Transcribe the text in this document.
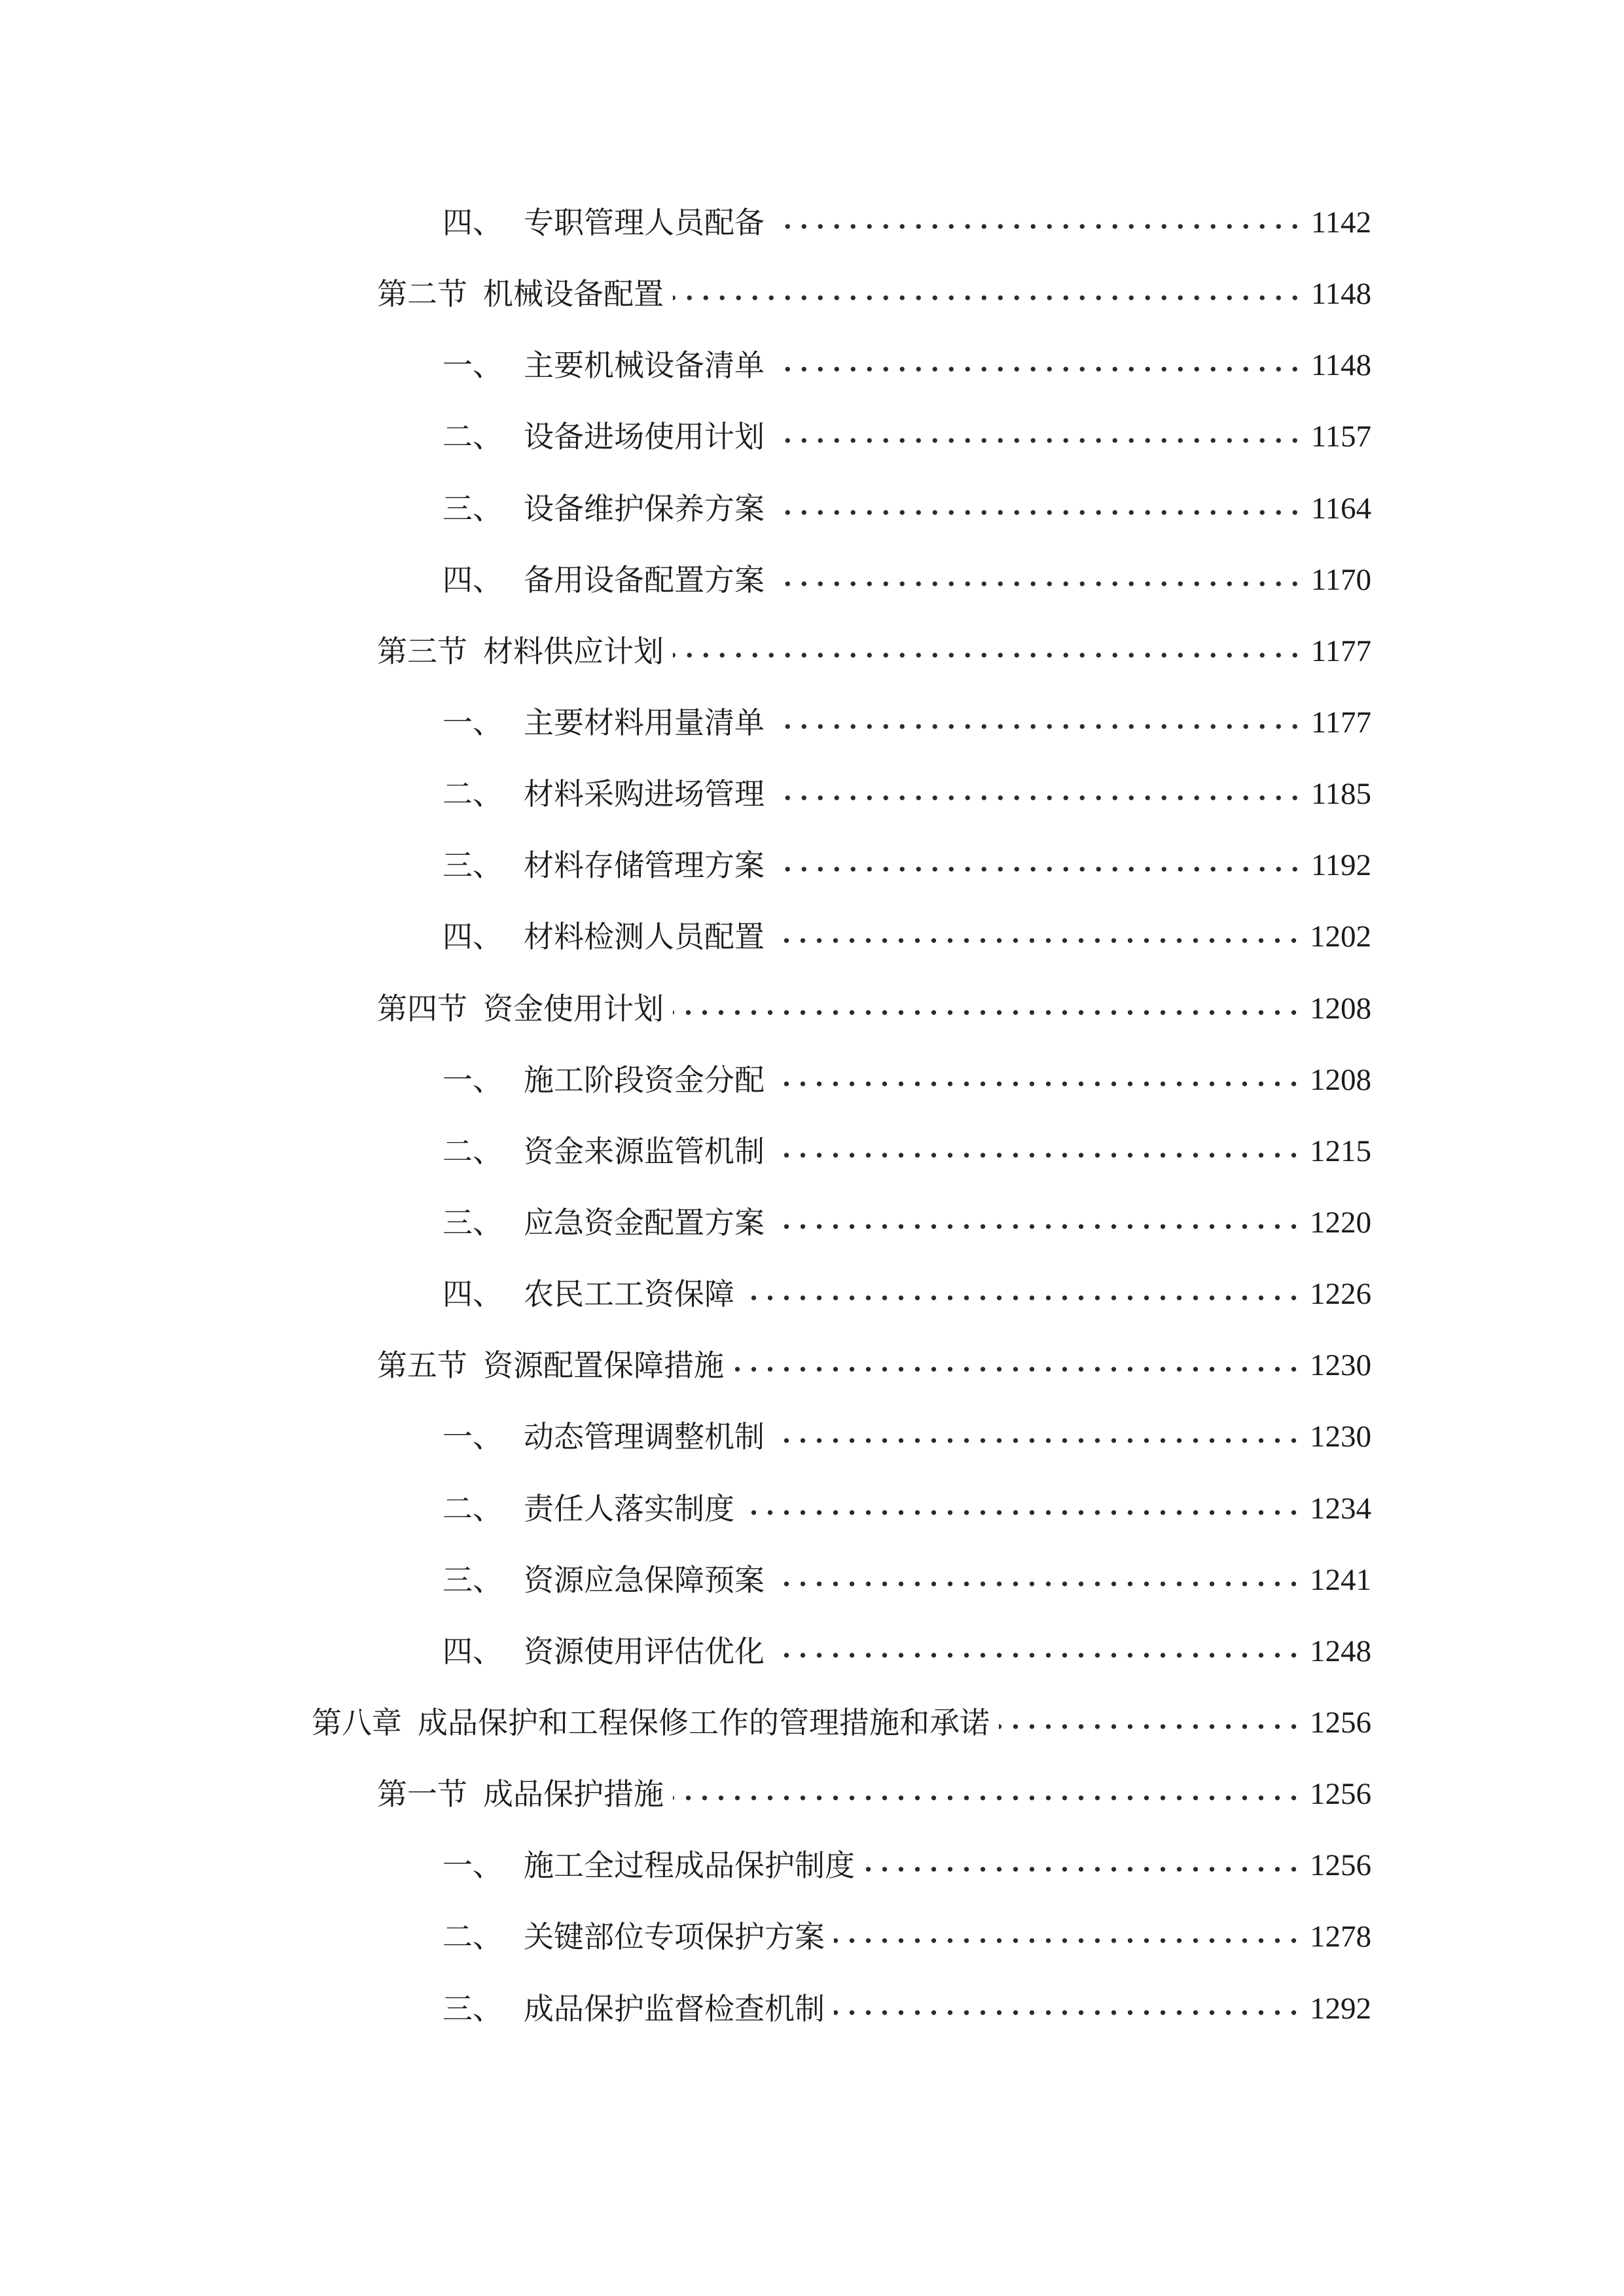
四、 专职管理人员配备	1142
第二节 机械设备配置	1148
一、 主要机械设备清单	1148
二、 设备进场使用计划	1157
三、 设备维护保养方案	1164
四、 备用设备配置方案	1170
第三节 材料供应计划	1177
一、 主要材料用量清单	1177
二、 材料采购进场管理	1185
三、 材料存储管理方案	1192
四、 材料检测人员配置	1202
第四节 资金使用计划	1208
一、 施工阶段资金分配	1208
二、 资金来源监管机制	1215
三、 应急资金配置方案	1220
四、 农民工工资保障	1226
第五节 资源配置保障措施	1230
一、 动态管理调整机制	1230
二、 责任人落实制度	1234
三、 资源应急保障预案	1241
四、 资源使用评估优化	1248
第八章 成品保护和工程保修工作的管理措施和承诺	1256
第一节 成品保护措施	1256
一、 施工全过程成品保护制度	1256
二、 关键部位专项保护方案	1278
三、 成品保护监督检查机制	1292
